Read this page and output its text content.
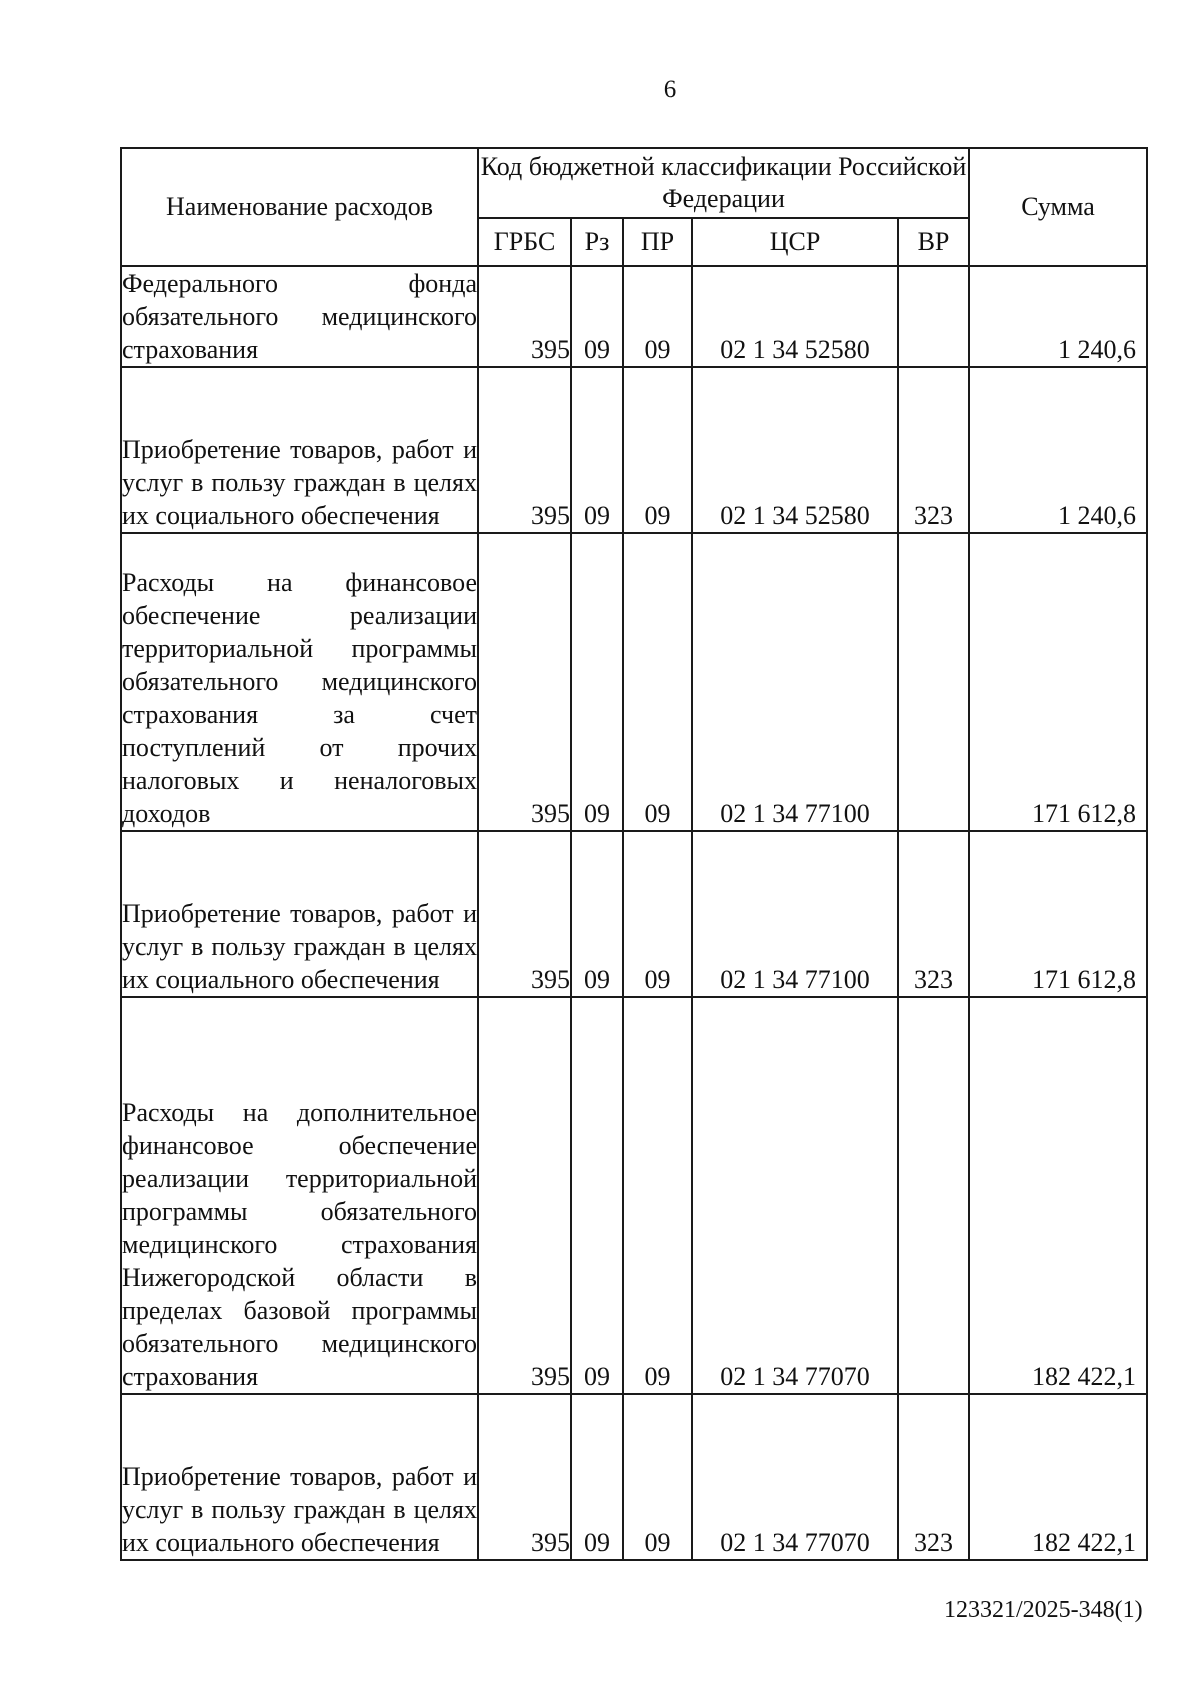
6
Наименование расходов	Код бюджетной классификации Российской Федерации					Сумма
	ГРБС	Рз	ПР	ЦСР	ВР	
Федерального фонда обязательного медицинского страхования	395	09	09	02 1 34 52580		1 240,6
Приобретение товаров, работ и услуг в пользу граждан в целях их социального обеспечения	395	09	09	02 1 34 52580	323	1 240,6
Расходы на финансовое обеспечение реализации территориальной программы обязательного медицинского страхования за счет поступлений от прочих налоговых и неналоговых доходов	395	09	09	02 1 34 77100		171 612,8
Приобретение товаров, работ и услуг в пользу граждан в целях их социального обеспечения	395	09	09	02 1 34 77100	323	171 612,8
Расходы на дополнительное финансовое обеспечение реализации территориальной программы обязательного медицинского страхования Нижегородской области в пределах базовой программы обязательного медицинского страхования	395	09	09	02 1 34 77070		182 422,1
Приобретение товаров, работ и услуг в пользу граждан в целях их социального обеспечения	395	09	09	02 1 34 77070	323	182 422,1
123321/2025-348(1)
